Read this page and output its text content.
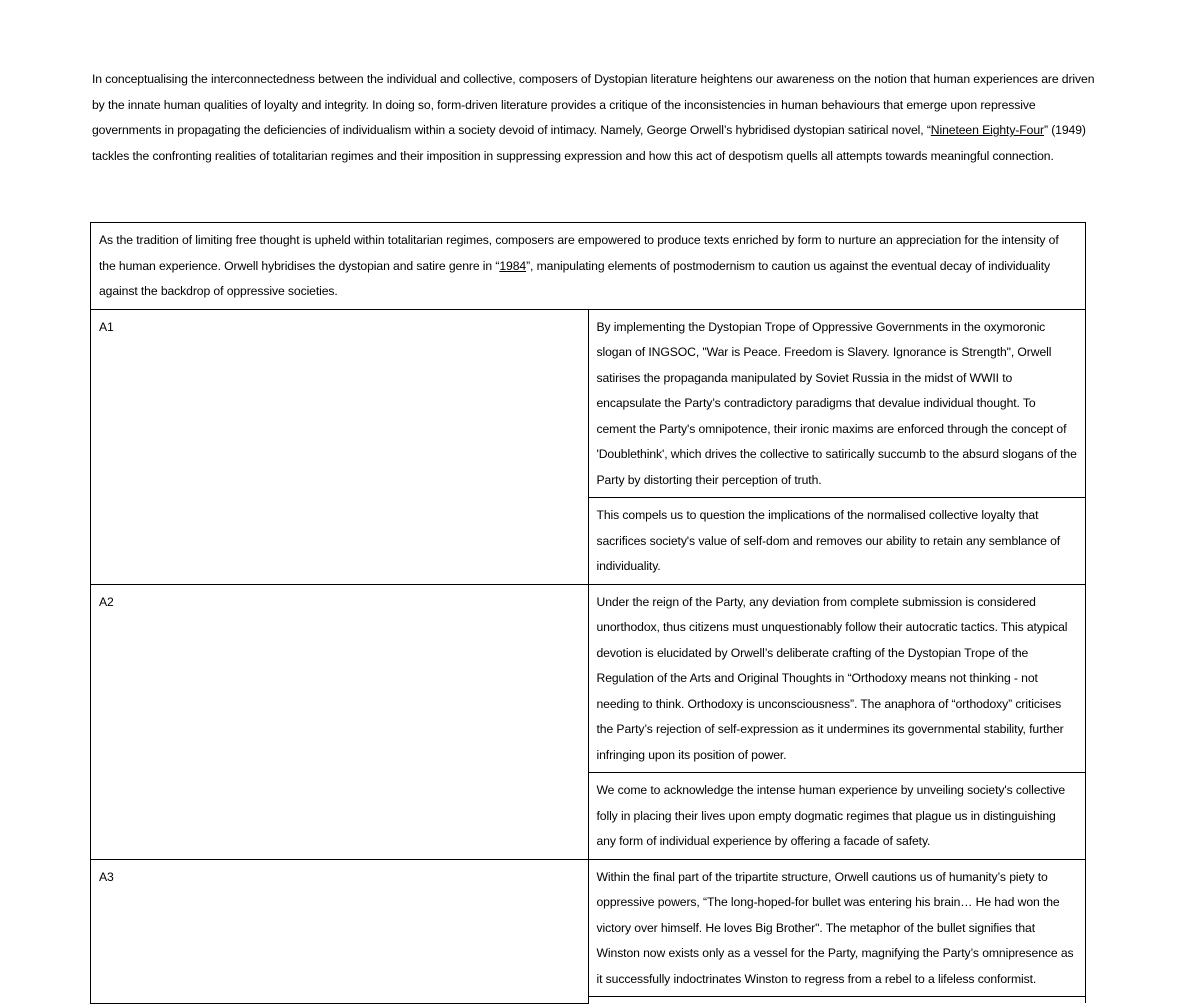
In conceptualising the interconnectedness between the individual and collective, composers of Dystopian literature heightens our awareness on the notion that human experiences are driven by the innate human qualities of loyalty and integrity. In doing so, form-driven literature provides a critique of the inconsistencies in human behaviours that emerge upon repressive governments in propagating the deficiencies of individualism within a society devoid of intimacy. Namely, George Orwell’s hybridised dystopian satirical novel, “Nineteen Eighty-Four” (1949) tackles the confronting realities of totalitarian regimes and their imposition in suppressing expression and how this act of despotism quells all attempts towards meaningful connection.
As the tradition of limiting free thought is upheld within totalitarian regimes, composers are empowered to produce texts enriched by form to nurture an appreciation for the intensity of the human experience. Orwell hybridises the dystopian and satire genre in “1984”, manipulating elements of postmodernism to caution us against the eventual decay of individuality against the backdrop of oppressive societies.	
A1	By implementing the Dystopian Trope of Oppressive Governments in the oxymoronic slogan of INGSOC, "War is Peace. Freedom is Slavery. Ignorance is Strength", Orwell satirises the propaganda manipulated by Soviet Russia in the midst of WWII to encapsulate the Party’s contradictory paradigms that devalue individual thought. To cement the Party's omnipotence, their ironic maxims are enforced through the concept of 'Doublethink', which drives the collective to satirically succumb to the absurd slogans of the Party by distorting their perception of truth.
	This compels us to question the implications of the normalised collective loyalty that sacrifices society's value of self-dom and removes our ability to retain any semblance of individuality.
A2	Under the reign of the Party, any deviation from complete submission is considered unorthodox, thus citizens must unquestionably follow their autocratic tactics. This atypical devotion is elucidated by Orwell’s deliberate crafting of the Dystopian Trope of the Regulation of the Arts and Original Thoughts in “Orthodoxy means not thinking - not needing to think. Orthodoxy is unconsciousness”. The anaphora of “orthodoxy” criticises the Party’s rejection of self-expression as it undermines its governmental stability, further infringing upon its position of power.
	We come to acknowledge the intense human experience by unveiling society's collective folly in placing their lives upon empty dogmatic regimes that plague us in distinguishing any form of individual experience by offering a facade of safety.
A3	Within the final part of the tripartite structure, Orwell cautions us of humanity’s piety to oppressive powers, “The long-hoped-for bullet was entering his brain… He had won the victory over himself. He loves Big Brother". The metaphor of the bullet signifies that Winston now exists only as a vessel for the Party, magnifying the Party’s omnipresence as it successfully indoctrinates Winston to regress from a rebel to a lifeless conformist.
